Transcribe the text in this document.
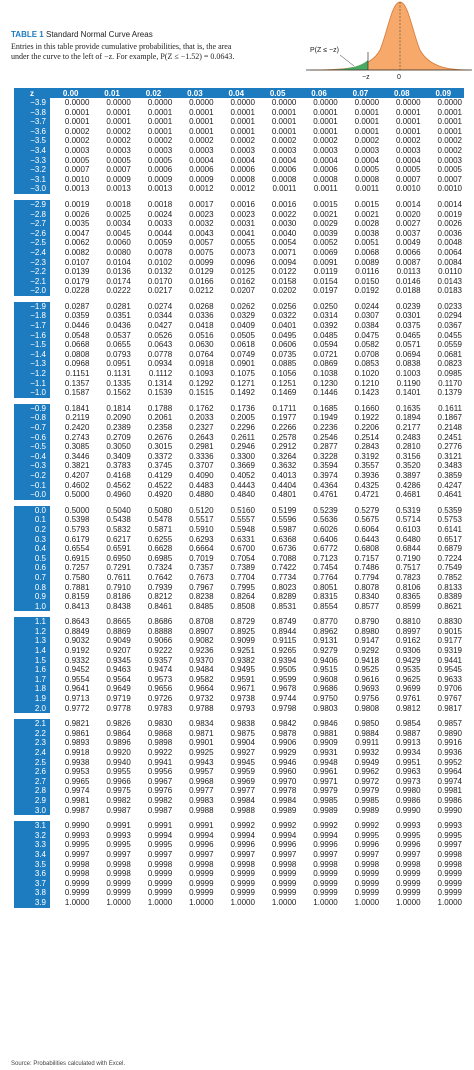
TABLE 1 Standard Normal Curve Areas
Entries in this table provide cumulative probabilities, that is, the area
under the curve to the left of −z. For example, P(Z ≤ −1.52) = 0.0643.
P(Z ≤ −z)
−z	0
z	0.00	0.01	0.02	0.03	0.04	0.05	0.06	0.07	0.08	0.09
−3.9	0.0000	0.0000	0.0000	0.0000	0.0000	0.0000	0.0000	0.0000	0.0000	0.0000
−3.8	0.0001	0.0001	0.0001	0.0001	0.0001	0.0001	0.0001	0.0001	0.0001	0.0001
−3.7	0.0001	0.0001	0.0001	0.0001	0.0001	0.0001	0.0001	0.0001	0.0001	0.0001
−3.6	0.0002	0.0002	0.0001	0.0001	0.0001	0.0001	0.0001	0.0001	0.0001	0.0001
−3.5	0.0002	0.0002	0.0002	0.0002	0.0002	0.0002	0.0002	0.0002	0.0002	0.0002
−3.4	0.0003	0.0003	0.0003	0.0003	0.0003	0.0003	0.0003	0.0003	0.0003	0.0002
−3.3	0.0005	0.0005	0.0005	0.0004	0.0004	0.0004	0.0004	0.0004	0.0004	0.0003
−3.2	0.0007	0.0007	0.0006	0.0006	0.0006	0.0006	0.0006	0.0005	0.0005	0.0005
−3.1	0.0010	0.0009	0.0009	0.0009	0.0008	0.0008	0.0008	0.0008	0.0007	0.0007
−3.0	0.0013	0.0013	0.0013	0.0012	0.0012	0.0011	0.0011	0.0011	0.0010	0.0010

−2.9	0.0019	0.0018	0.0018	0.0017	0.0016	0.0016	0.0015	0.0015	0.0014	0.0014
−2.8	0.0026	0.0025	0.0024	0.0023	0.0023	0.0022	0.0021	0.0021	0.0020	0.0019
−2.7	0.0035	0.0034	0.0033	0.0032	0.0031	0.0030	0.0029	0.0028	0.0027	0.0026
−2.6	0.0047	0.0045	0.0044	0.0043	0.0041	0.0040	0.0039	0.0038	0.0037	0.0036
−2.5	0.0062	0.0060	0.0059	0.0057	0.0055	0.0054	0.0052	0.0051	0.0049	0.0048
−2.4	0.0082	0.0080	0.0078	0.0075	0.0073	0.0071	0.0069	0.0068	0.0066	0.0064
−2.3	0.0107	0.0104	0.0102	0.0099	0.0096	0.0094	0.0091	0.0089	0.0087	0.0084
−2.2	0.0139	0.0136	0.0132	0.0129	0.0125	0.0122	0.0119	0.0116	0.0113	0.0110
−2.1	0.0179	0.0174	0.0170	0.0166	0.0162	0.0158	0.0154	0.0150	0.0146	0.0143
−2.0	0.0228	0.0222	0.0217	0.0212	0.0207	0.0202	0.0197	0.0192	0.0188	0.0183

−1.9	0.0287	0.0281	0.0274	0.0268	0.0262	0.0256	0.0250	0.0244	0.0239	0.0233
−1.8	0.0359	0.0351	0.0344	0.0336	0.0329	0.0322	0.0314	0.0307	0.0301	0.0294
−1.7	0.0446	0.0436	0.0427	0.0418	0.0409	0.0401	0.0392	0.0384	0.0375	0.0367
−1.6	0.0548	0.0537	0.0526	0.0516	0.0505	0.0495	0.0485	0.0475	0.0465	0.0455
−1.5	0.0668	0.0655	0.0643	0.0630	0.0618	0.0606	0.0594	0.0582	0.0571	0.0559
−1.4	0.0808	0.0793	0.0778	0.0764	0.0749	0.0735	0.0721	0.0708	0.0694	0.0681
−1.3	0.0968	0.0951	0.0934	0.0918	0.0901	0.0885	0.0869	0.0853	0.0838	0.0823
−1.2	0.1151	0.1131	0.1112	0.1093	0.1075	0.1056	0.1038	0.1020	0.1003	0.0985
−1.1	0.1357	0.1335	0.1314	0.1292	0.1271	0.1251	0.1230	0.1210	0.1190	0.1170
−1.0	0.1587	0.1562	0.1539	0.1515	0.1492	0.1469	0.1446	0.1423	0.1401	0.1379

−0.9	0.1841	0.1814	0.1788	0.1762	0.1736	0.1711	0.1685	0.1660	0.1635	0.1611
−0.8	0.2119	0.2090	0.2061	0.2033	0.2005	0.1977	0.1949	0.1922	0.1894	0.1867
−0.7	0.2420	0.2389	0.2358	0.2327	0.2296	0.2266	0.2236	0.2206	0.2177	0.2148
−0.6	0.2743	0.2709	0.2676	0.2643	0.2611	0.2578	0.2546	0.2514	0.2483	0.2451
−0.5	0.3085	0.3050	0.3015	0.2981	0.2946	0.2912	0.2877	0.2843	0.2810	0.2776
−0.4	0.3446	0.3409	0.3372	0.3336	0.3300	0.3264	0.3228	0.3192	0.3156	0.3121
−0.3	0.3821	0.3783	0.3745	0.3707	0.3669	0.3632	0.3594	0.3557	0.3520	0.3483
−0.2	0.4207	0.4168	0.4129	0.4090	0.4052	0.4013	0.3974	0.3936	0.3897	0.3859
−0.1	0.4602	0.4562	0.4522	0.4483	0.4443	0.4404	0.4364	0.4325	0.4286	0.4247
−0.0	0.5000	0.4960	0.4920	0.4880	0.4840	0.4801	0.4761	0.4721	0.4681	0.4641

0.0	0.5000	0.5040	0.5080	0.5120	0.5160	0.5199	0.5239	0.5279	0.5319	0.5359
0.1	0.5398	0.5438	0.5478	0.5517	0.5557	0.5596	0.5636	0.5675	0.5714	0.5753
0.2	0.5793	0.5832	0.5871	0.5910	0.5948	0.5987	0.6026	0.6064	0.6103	0.6141
0.3	0.6179	0.6217	0.6255	0.6293	0.6331	0.6368	0.6406	0.6443	0.6480	0.6517
0.4	0.6554	0.6591	0.6628	0.6664	0.6700	0.6736	0.6772	0.6808	0.6844	0.6879
0.5	0.6915	0.6950	0.6985	0.7019	0.7054	0.7088	0.7123	0.7157	0.7190	0.7224
0.6	0.7257	0.7291	0.7324	0.7357	0.7389	0.7422	0.7454	0.7486	0.7517	0.7549
0.7	0.7580	0.7611	0.7642	0.7673	0.7704	0.7734	0.7764	0.7794	0.7823	0.7852
0.8	0.7881	0.7910	0.7939	0.7967	0.7995	0.8023	0.8051	0.8078	0.8106	0.8133
0.9	0.8159	0.8186	0.8212	0.8238	0.8264	0.8289	0.8315	0.8340	0.8365	0.8389
1.0	0.8413	0.8438	0.8461	0.8485	0.8508	0.8531	0.8554	0.8577	0.8599	0.8621

1.1	0.8643	0.8665	0.8686	0.8708	0.8729	0.8749	0.8770	0.8790	0.8810	0.8830
1.2	0.8849	0.8869	0.8888	0.8907	0.8925	0.8944	0.8962	0.8980	0.8997	0.9015
1.3	0.9032	0.9049	0.9066	0.9082	0.9099	0.9115	0.9131	0.9147	0.9162	0.9177
1.4	0.9192	0.9207	0.9222	0.9236	0.9251	0.9265	0.9279	0.9292	0.9306	0.9319
1.5	0.9332	0.9345	0.9357	0.9370	0.9382	0.9394	0.9406	0.9418	0.9429	0.9441
1.6	0.9452	0.9463	0.9474	0.9484	0.9495	0.9505	0.9515	0.9525	0.9535	0.9545
1.7	0.9554	0.9564	0.9573	0.9582	0.9591	0.9599	0.9608	0.9616	0.9625	0.9633
1.8	0.9641	0.9649	0.9656	0.9664	0.9671	0.9678	0.9686	0.9693	0.9699	0.9706
1.9	0.9713	0.9719	0.9726	0.9732	0.9738	0.9744	0.9750	0.9756	0.9761	0.9767
2.0	0.9772	0.9778	0.9783	0.9788	0.9793	0.9798	0.9803	0.9808	0.9812	0.9817

2.1	0.9821	0.9826	0.9830	0.9834	0.9838	0.9842	0.9846	0.9850	0.9854	0.9857
2.2	0.9861	0.9864	0.9868	0.9871	0.9875	0.9878	0.9881	0.9884	0.9887	0.9890
2.3	0.9893	0.9896	0.9898	0.9901	0.9904	0.9906	0.9909	0.9911	0.9913	0.9916
2.4	0.9918	0.9920	0.9922	0.9925	0.9927	0.9929	0.9931	0.9932	0.9934	0.9936
2.5	0.9938	0.9940	0.9941	0.9943	0.9945	0.9946	0.9948	0.9949	0.9951	0.9952
2.6	0.9953	0.9955	0.9956	0.9957	0.9959	0.9960	0.9961	0.9962	0.9963	0.9964
2.7	0.9965	0.9966	0.9967	0.9968	0.9969	0.9970	0.9971	0.9972	0.9973	0.9974
2.8	0.9974	0.9975	0.9976	0.9977	0.9977	0.9978	0.9979	0.9979	0.9980	0.9981
2.9	0.9981	0.9982	0.9982	0.9983	0.9984	0.9984	0.9985	0.9985	0.9986	0.9986
3.0	0.9987	0.9987	0.9987	0.9988	0.9988	0.9989	0.9989	0.9989	0.9990	0.9990

3.1	0.9990	0.9991	0.9991	0.9991	0.9992	0.9992	0.9992	0.9992	0.9993	0.9993
3.2	0.9993	0.9993	0.9994	0.9994	0.9994	0.9994	0.9994	0.9995	0.9995	0.9995
3.3	0.9995	0.9995	0.9995	0.9996	0.9996	0.9996	0.9996	0.9996	0.9996	0.9997
3.4	0.9997	0.9997	0.9997	0.9997	0.9997	0.9997	0.9997	0.9997	0.9997	0.9998
3.5	0.9998	0.9998	0.9998	0.9998	0.9998	0.9998	0.9998	0.9998	0.9998	0.9998
3.6	0.9998	0.9998	0.9999	0.9999	0.9999	0.9999	0.9999	0.9999	0.9999	0.9999
3.7	0.9999	0.9999	0.9999	0.9999	0.9999	0.9999	0.9999	0.9999	0.9999	0.9999
3.8	0.9999	0.9999	0.9999	0.9999	0.9999	0.9999	0.9999	0.9999	0.9999	0.9999
3.9	1.0000	1.0000	1.0000	1.0000	1.0000	1.0000	1.0000	1.0000	1.0000	1.0000
Source: Probabilities calculated with Excel.
